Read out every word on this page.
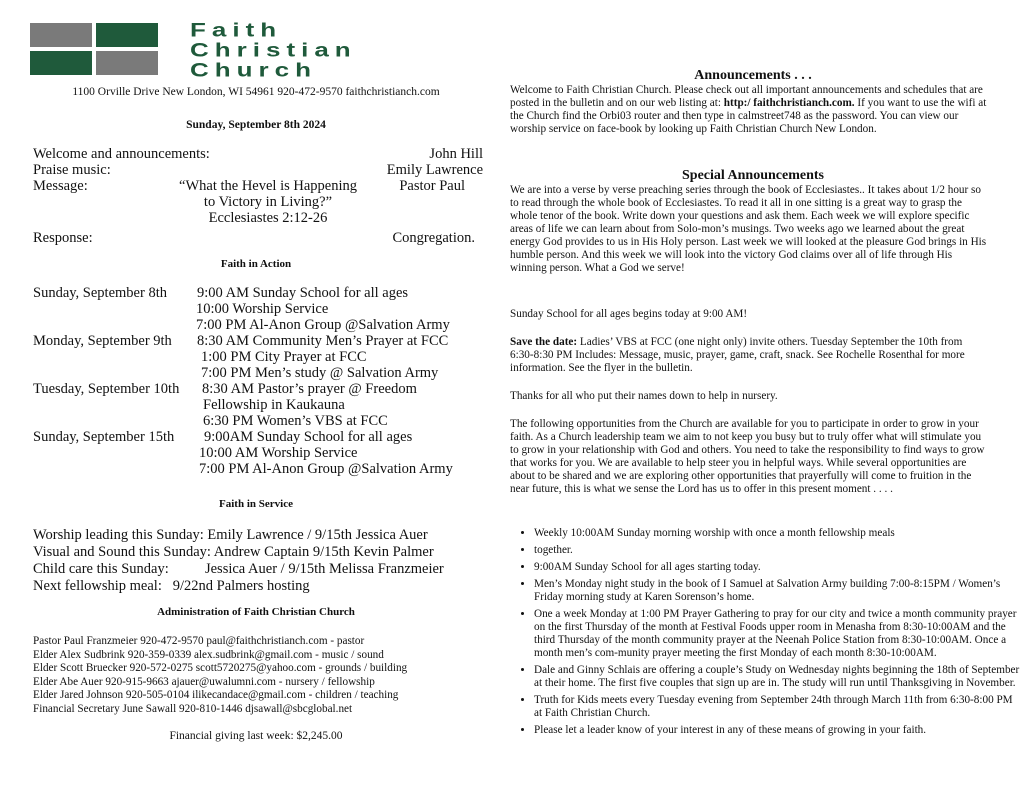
Faith
Christian
Church
1100 Orville Drive New London, WI 54961 920-472-9570 faithchristianch.com
Sunday, September 8th 2024
Welcome and announcements:	John Hill
Praise music:	Emily Lawrence
Message:	“What the Hevel is Happening	Pastor Paul
to Victory in Living?”
Ecclesiastes 2:12-26
Response:	Congregation.
Faith in Action
Sunday, September 8th 9:00 AM Sunday School for all ages
10:00 Worship Service
7:00 PM Al-Anon Group @Salvation Army
Monday, September 9th 8:30 AM Community Men’s Prayer at FCC
1:00 PM City Prayer at FCC
7:00 PM Men’s study @ Salvation Army
Tuesday, September 10th 8:30 AM Pastor’s prayer @ Freedom
Fellowship in Kaukauna
6:30 PM Women’s VBS at FCC
Sunday, September 15th 9:00AM Sunday School for all ages
10:00 AM Worship Service
7:00 PM Al-Anon Group @Salvation Army
Faith in Service
Worship leading this Sunday: Emily Lawrence / 9/15th Jessica Auer
Visual and Sound this Sunday: Andrew Captain 9/15th Kevin Palmer
Child care this Sunday:          Jessica Auer / 9/15th Melissa Franzmeier
Next fellowship meal:   9/22nd Palmers hosting
Administration of Faith Christian Church
Pastor Paul Franzmeier 920-472-9570 paul@faithchristianch.com - pastor
Elder Alex Sudbrink 920-359-0339 alex.sudbrink@gmail.com - music / sound
Elder Scott Bruecker 920-572-0275 scott5720275@yahoo.com - grounds / building
Elder Abe Auer 920-915-9663 ajauer@uwalumni.com - nursery / fellowship
Elder Jared Johnson 920-505-0104 ilikecandace@gmail.com - children / teaching
Financial Secretary June Sawall 920-810-1446 djsawall@sbcglobal.net
Financial giving last week: $2,245.00
Announcements . . .
Welcome to Faith Christian Church. Please check out all important announcements and schedules that are posted in the bulletin and on our web listing at: http:/ faithchristianch.com. If you want to use the wifi at the Church find the Orbi03 router and then type in calmstreet748 as the password. You can view our worship service on face-book by looking up Faith Christian Church New London.
Special Announcements
We are into a verse by verse preaching series through the book of Ecclesiastes.. It takes about 1/2 hour so to read through the whole book of Ecclesiastes. To read it all in one sitting is a great way to grasp the whole tenor of the book. Write down your questions and ask them. Each week we will explore specific areas of life we can learn about from Solo-mon’s musings. Two weeks ago we learned about the great energy God provides to us in His Holy person. Last week we will looked at the pleasure God brings in His humble person. And this week we will look into the victory God claims over all of life through His winning person. What a God we serve!
Sunday School for all ages begins today at 9:00 AM!
Save the date: Ladies’ VBS at FCC (one night only) invite others. Tuesday September the 10th from 6:30-8:30 PM Includes: Message, music, prayer, game, craft, snack. See Rochelle Rosenthal for more information. See the flyer in the bulletin.
Thanks for all who put their names down to help in nursery.
The following opportunities from the Church are available for you to participate in order to grow in your faith. As a Church leadership team we aim to not keep you busy but to truly offer what will stimulate you to grow in your relationship with God and others. You need to take the responsibility to find ways to grow that works for you. We are available to help steer you in helpful ways. While several opportunities are about to be shared and we are exploring other opportunities that prayerfully will come to fruition in the near future, this is what we sense the Lord has us to offer in this present moment . . . .
• Weekly 10:00AM Sunday morning worship with once a month fellowship meals
• together.
• 9:00AM Sunday School for all ages starting today.
• Men’s Monday night study in the book of I Samuel at Salvation Army building 7:00-8:15PM / Women’s Friday morning study at Karen Sorenson’s home.
• One a week Monday at 1:00 PM Prayer Gathering to pray for our city and twice a month community prayer on the first Thursday of the month at Festival Foods upper room in Menasha from 8:30-10:00AM and the third Thursday of the month community prayer at the Neenah Police Station from 8:30-10:00AM. Once a month men’s com-munity prayer meeting the first Monday of each month 8:30-10:00AM.
• Dale and Ginny Schlais are offering a couple’s Study on Wednesday nights beginning the 18th of September at their home. The first five couples that sign up are in. The study will run until Thanksgiving in November.
• Truth for Kids meets every Tuesday evening from September 24th through March 11th from 6:30-8:00 PM at Faith Christian Church.
• Please let a leader know of your interest in any of these means of growing in your faith.
